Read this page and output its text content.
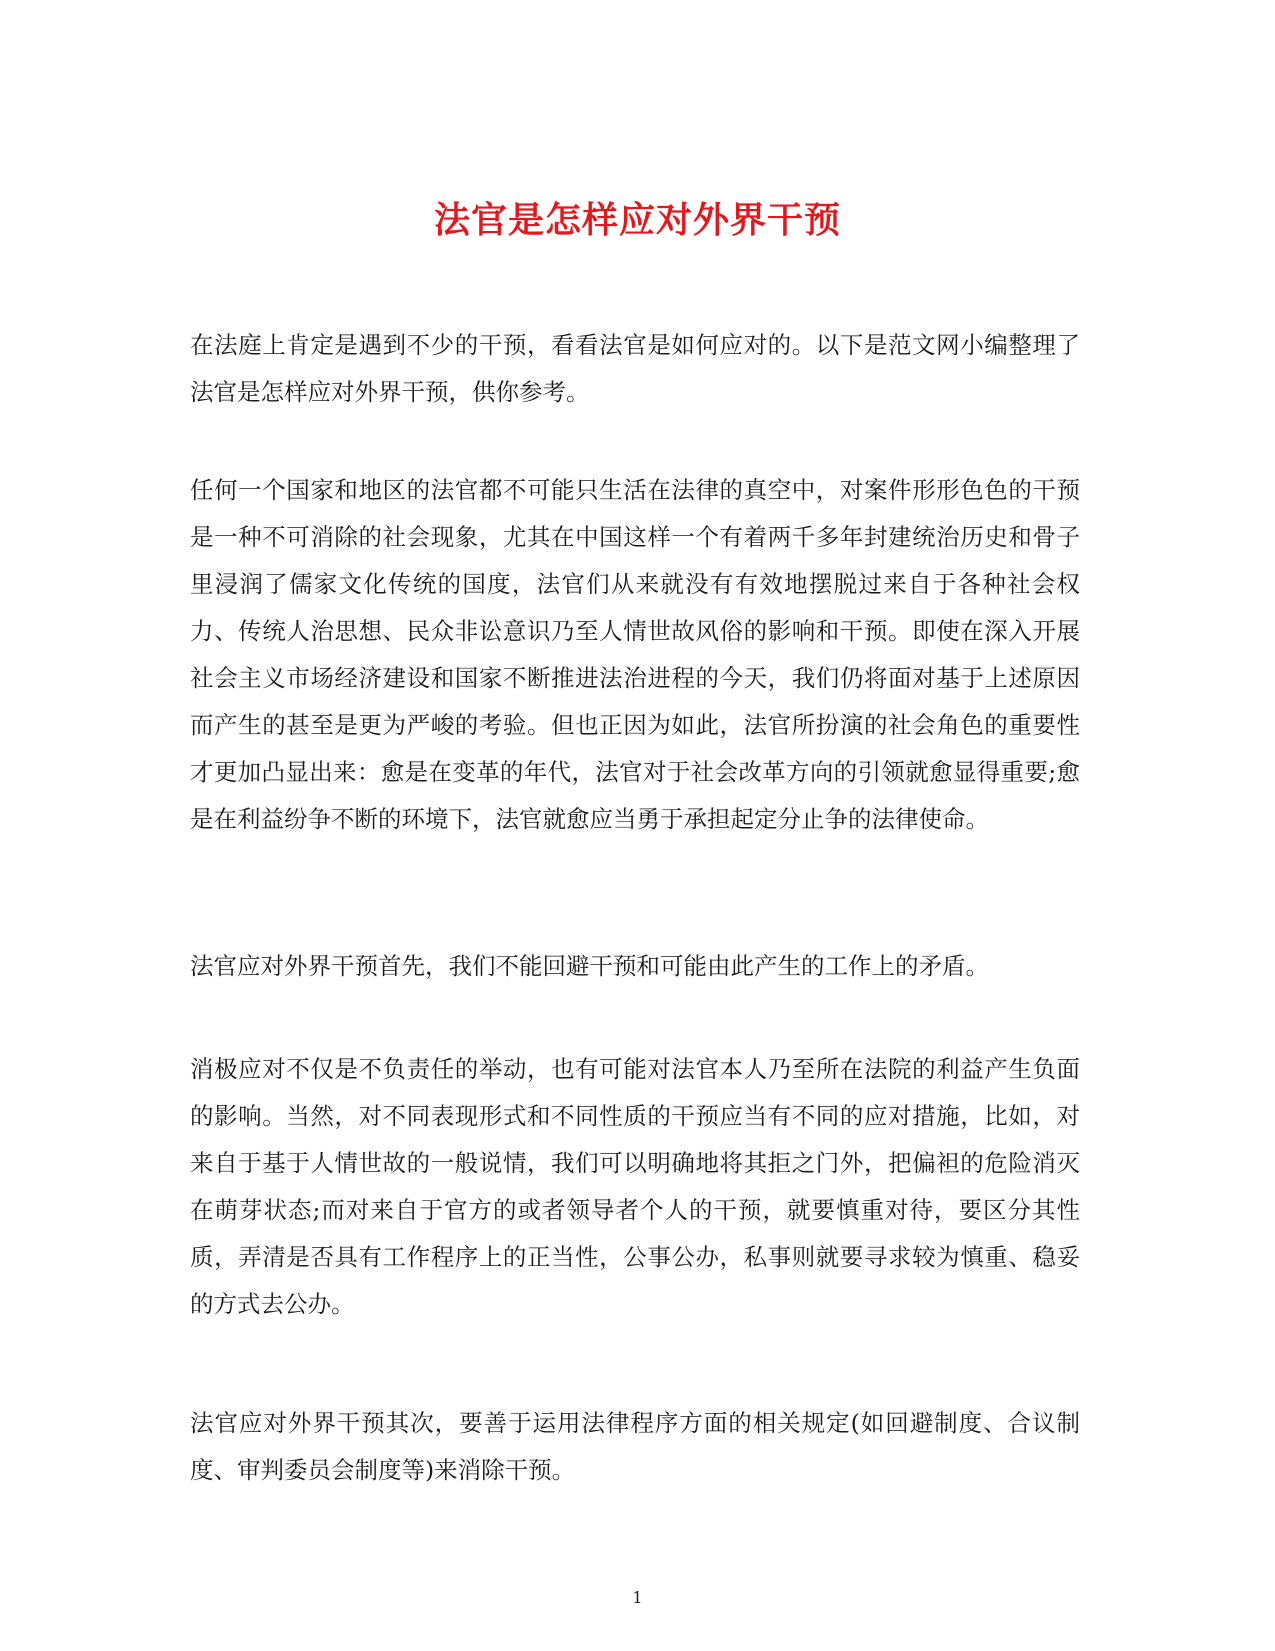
法官是怎样应对外界干预

在法庭上肯定是遇到不少的干预，看看法官是如何应对的。以下是范文网小编整理了法官是怎样应对外界干预，供你参考。

任何一个国家和地区的法官都不可能只生活在法律的真空中，对案件形形色色的干预是一种不可消除的社会现象，尤其在中国这样一个有着两千多年封建统治历史和骨子里浸润了儒家文化传统的国度，法官们从来就没有有效地摆脱过来自于各种社会权力、传统人治思想、民众非讼意识乃至人情世故风俗的影响和干预。即使在深入开展社会主义市场经济建设和国家不断推进法治进程的今天，我们仍将面对基于上述原因而产生的甚至是更为严峻的考验。但也正因为如此，法官所扮演的社会角色的重要性才更加凸显出来：愈是在变革的年代，法官对于社会改革方向的引领就愈显得重要;愈是在利益纷争不断的环境下，法官就愈应当勇于承担起定分止争的法律使命。

法官应对外界干预首先，我们不能回避干预和可能由此产生的工作上的矛盾。

消极应对不仅是不负责任的举动，也有可能对法官本人乃至所在法院的利益产生负面的影响。当然，对不同表现形式和不同性质的干预应当有不同的应对措施，比如，对来自于基于人情世故的一般说情，我们可以明确地将其拒之门外，把偏袒的危险消灭在萌芽状态;而对来自于官方的或者领导者个人的干预，就要慎重对待，要区分其性质，弄清是否具有工作程序上的正当性，公事公办，私事则就要寻求较为慎重、稳妥的方式去公办。

法官应对外界干预其次，要善于运用法律程序方面的相关规定(如回避制度、合议制度、审判委员会制度等)来消除干预。

1
